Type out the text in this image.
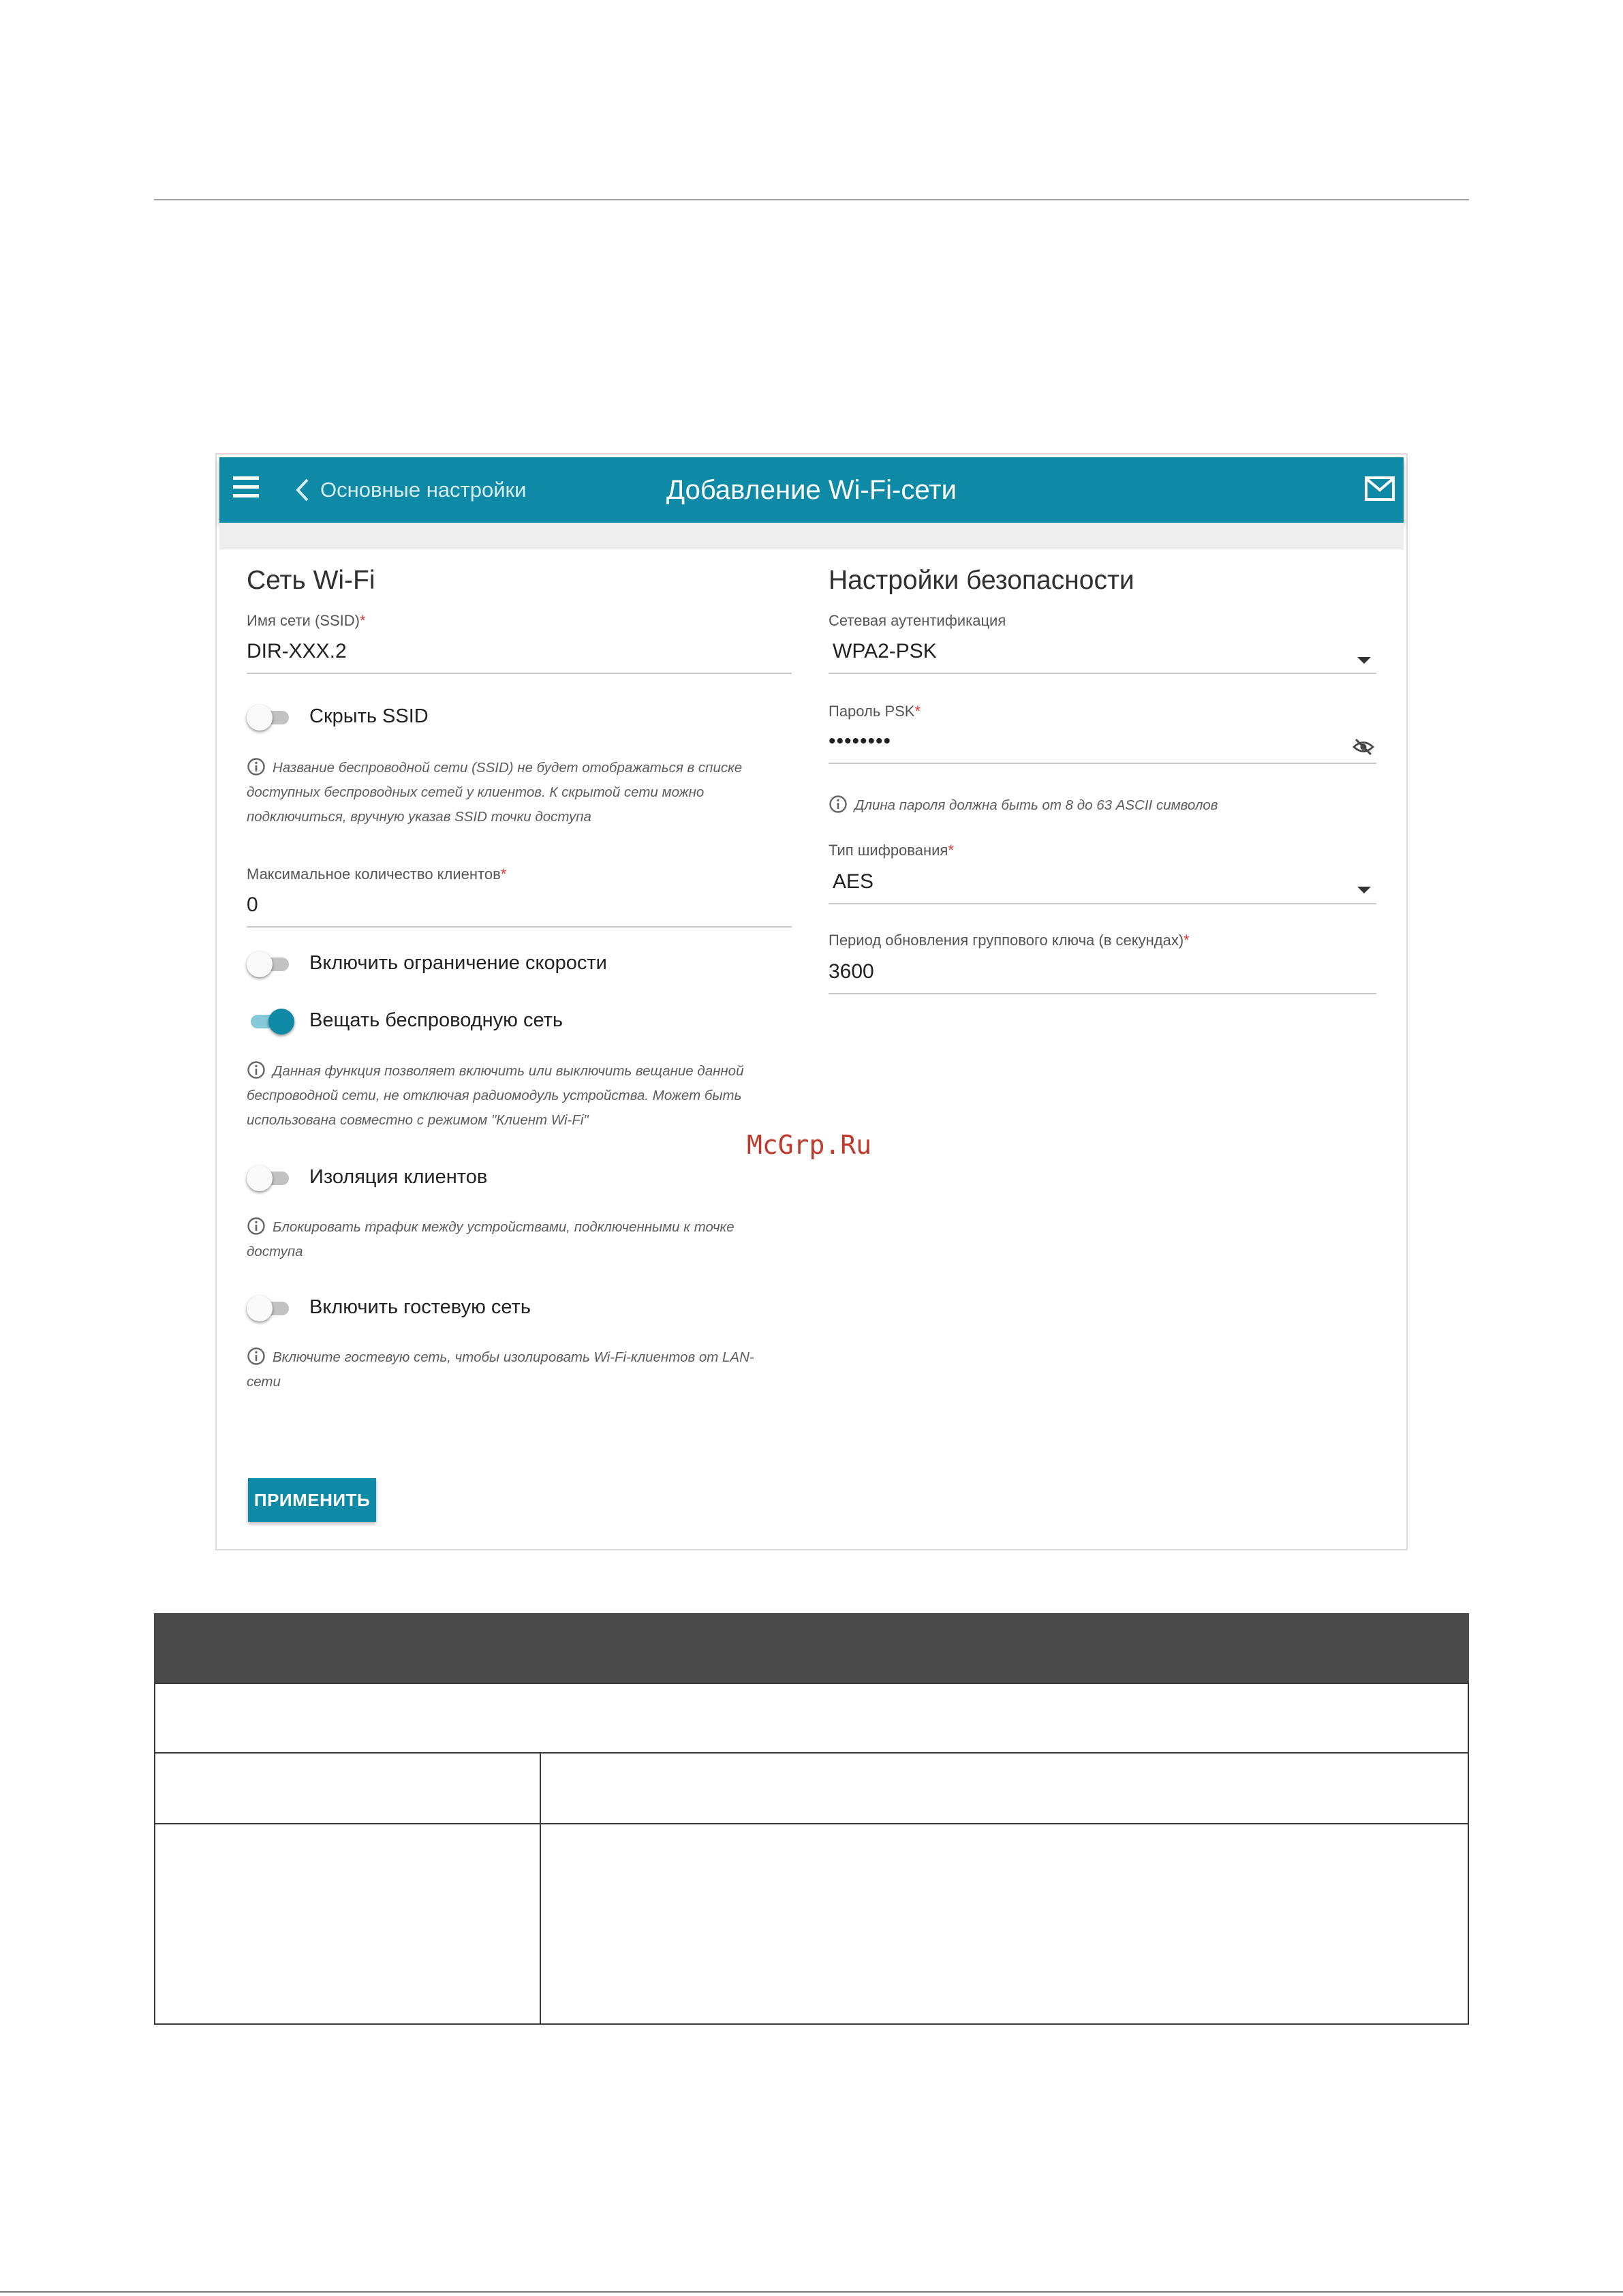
Основные настройки	Добавление Wi-Fi-сети
Сеть Wi-Fi
Имя сети (SSID)*
DIR-XXX.2
Скрыть SSID
Название беспроводной сети (SSID) не будет отображаться в списке
доступных беспроводных сетей у клиентов. К скрытой сети можно
подключиться, вручную указав SSID точки доступа
Максимальное количество клиентов*
0
Включить ограничение скорости
Вещать беспроводную сеть
Данная функция позволяет включить или выключить вещание данной
беспроводной сети, не отключая радиомодуль устройства. Может быть
использована совместно с режимом "Клиент Wi-Fi"
Изоляция клиентов
Блокировать трафик между устройствами, подключенными к точке
доступа
Включить гостевую сеть
Включите гостевую сеть, чтобы изолировать Wi-Fi-клиентов от LAN-
сети
ПРИМЕНИТЬ
Настройки безопасности
Сетевая аутентификация
WPA2-PSK
Пароль PSK*
••••••••
Длина пароля должна быть от 8 до 63 ASCII символов
Тип шифрования*
AES
Период обновления группового ключа (в секундах)*
3600
McGrp.Ru
